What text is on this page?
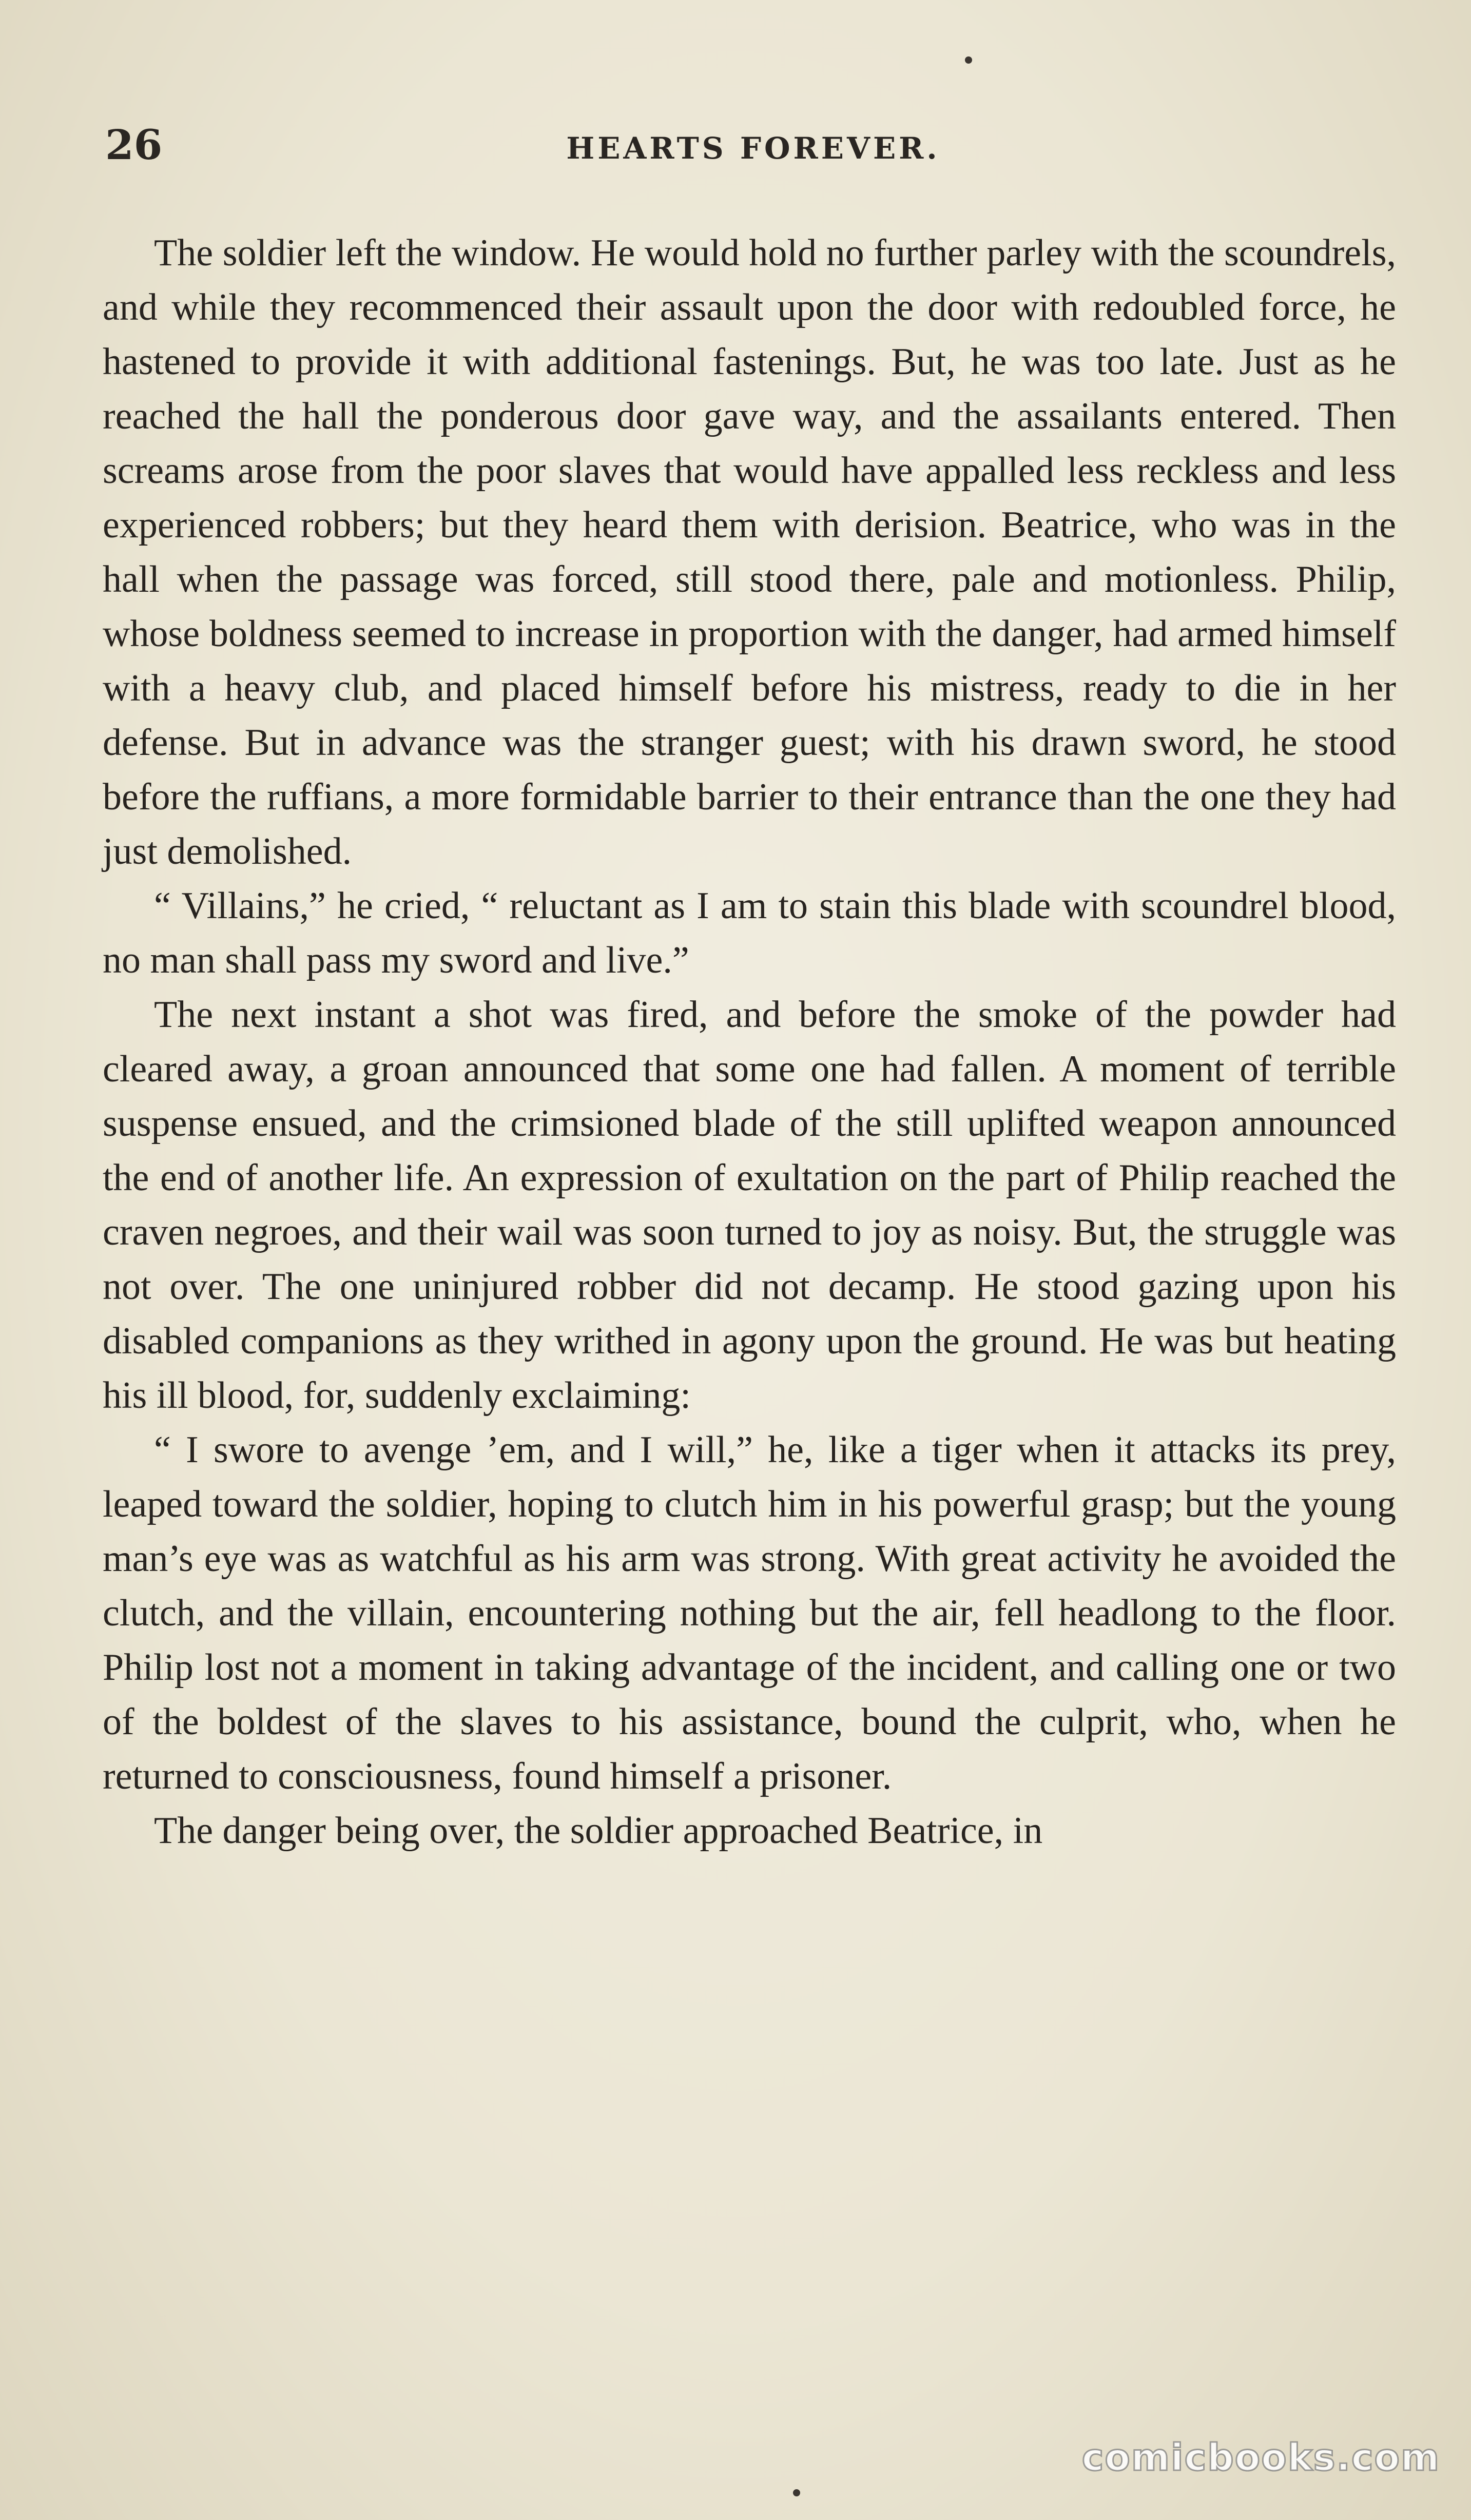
26	HEARTS FOREVER.

The soldier left the window. He would hold no further parley with the scoundrels, and while they recommenced their assault upon the door with redoubled force, he hastened to provide it with additional fastenings. But, he was too late. Just as he reached the hall the ponderous door gave way, and the assailants entered. Then screams arose from the poor slaves that would have appalled less reckless and less experienced robbers; but they heard them with derision. Beatrice, who was in the hall when the passage was forced, still stood there, pale and motionless. Philip, whose boldness seemed to increase in proportion with the danger, had armed himself with a heavy club, and placed himself before his mistress, ready to die in her defense. But in advance was the stranger guest; with his drawn sword, he stood before the ruffians, a more formidable barrier to their entrance than the one they had just demolished.

“ Villains,” he cried, “ reluctant as I am to stain this blade with scoundrel blood, no man shall pass my sword and live.”

The next instant a shot was fired, and before the smoke of the powder had cleared away, a groan announced that some one had fallen. A moment of terrible suspense ensued, and the crimsioned blade of the still uplifted weapon announced the end of another life. An expression of exultation on the part of Philip reached the craven negroes, and their wail was soon turned to joy as noisy. But, the struggle was not over. The one uninjured robber did not decamp. He stood gazing upon his disabled companions as they writhed in agony upon the ground. He was but heating his ill blood, for, suddenly exclaiming:

“ I swore to avenge ’em, and I will,” he, like a tiger when it attacks its prey, leaped toward the soldier, hoping to clutch him in his powerful grasp; but the young man’s eye was as watchful as his arm was strong. With great activity he avoided the clutch, and the villain, encountering nothing but the air, fell headlong to the floor. Philip lost not a moment in taking advantage of the incident, and calling one or two of the boldest of the slaves to his assistance, bound the culprit, who, when he returned to consciousness, found himself a prisoner.

The danger being over, the soldier approached Beatrice, in

comicbooks.com
